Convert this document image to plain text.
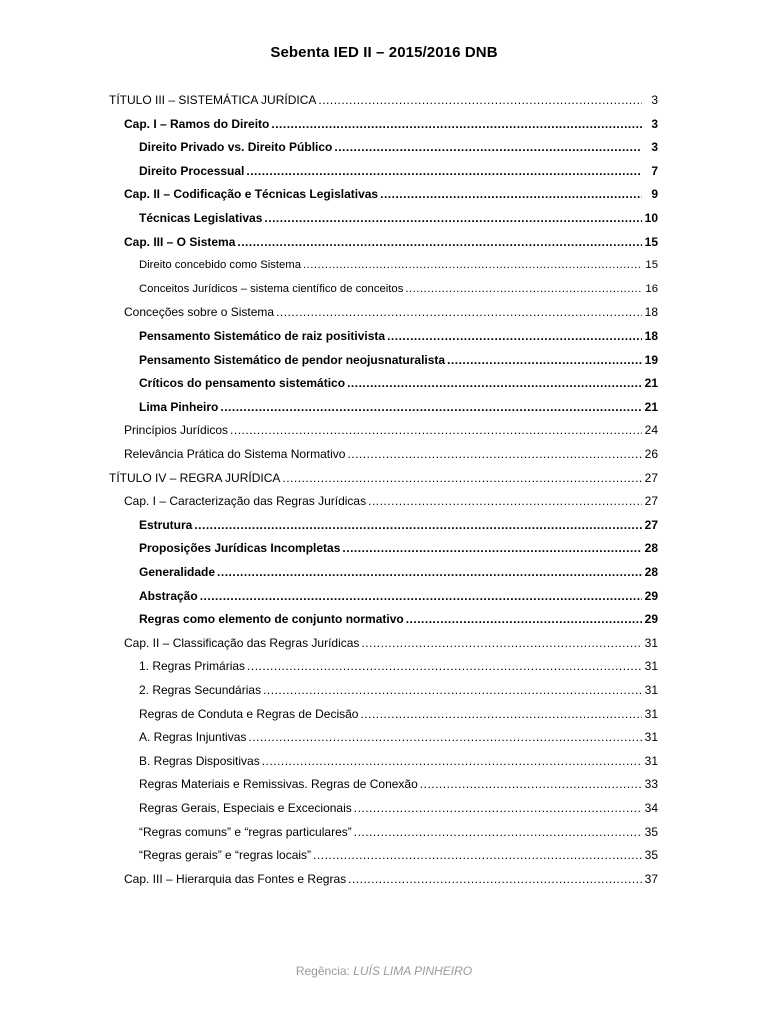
Sebenta IED II – 2015/2016 DNB
TÍTULO III – SISTEMÁTICA JURÍDICA .....	3
Cap. I – Ramos do Direito .....	3
Direito Privado vs. Direito Público .....	3
Direito Processual .....	7
Cap. II – Codificação e Técnicas Legislativas .....	9
Técnicas Legislativas .....	10
Cap. III – O Sistema .....	15
Direito concebido como Sistema .....	15
Conceitos Jurídicos – sistema científico de conceitos .....	16
Conceções sobre o Sistema .....	18
Pensamento Sistemático de raiz positivista .....	18
Pensamento Sistemático de pendor neojusnaturalista .....	19
Críticos do pensamento sistemático .....	21
Lima Pinheiro .....	21
Princípios Jurídicos .....	24
Relevância Prática do Sistema Normativo .....	26
TÍTULO IV – REGRA JURÍDICA .....	27
Cap. I – Caracterização das Regras Jurídicas .....	27
Estrutura .....	27
Proposições Jurídicas Incompletas .....	28
Generalidade .....	28
Abstração .....	29
Regras como elemento de conjunto normativo .....	29
Cap. II – Classificação das Regras Jurídicas .....	31
1. Regras Primárias .....	31
2. Regras Secundárias .....	31
Regras de Conduta e Regras de Decisão .....	31
A. Regras Injuntivas .....	31
B. Regras Dispositivas .....	31
Regras Materiais e Remissivas. Regras de Conexão .....	33
Regras Gerais, Especiais e Excecionais .....	34
“Regras comuns” e “regras particulares” .....	35
“Regras gerais” e “regras locais” .....	35
Cap. III – Hierarquia das Fontes e Regras .....	37
Regência: LUÍS LIMA PINHEIRO
